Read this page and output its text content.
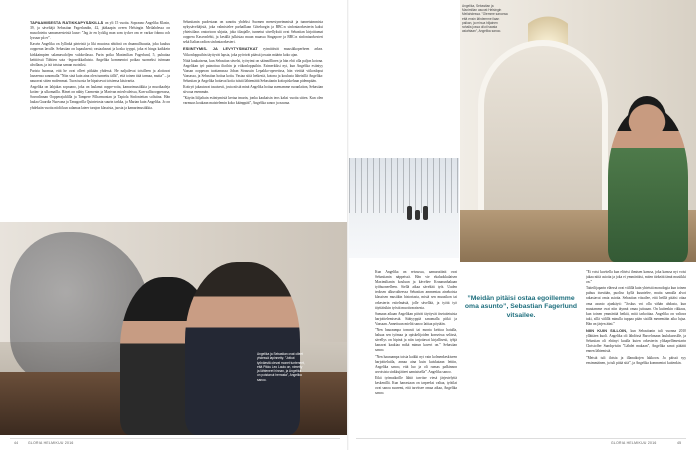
TAPAAMISESTA RATIKKAPYSÄKILLÄ on yli 15 vuotta. Sopraano Angelika Klasin, 39, ja säveltäjä Sebastian Fagerlundin, 42, jääkaapin oveen Helsingin Meilahdessa on musolotettu samanseesteistä lause: ”Jag är en lycklig man som tycker om er varkar frånna och lyssnar på er”.

Kasvin Angelika on Jyllinkä pärteistä ja liki muutosa nhtöinä on draamallisuutta, joka kuuluu oopperan lavalle. Sebastian on lupaukseni; vastaalussni ja koska tyyppi, joka ei hinga kaikkein kirkkaimpien salamavaloljen valokeilassa. Parin poika Maximilian Fagerlund, 5, puhuttaa keittiössä Tähtien sota -legoseikkailuista. Angelika kommentoi poikaa suomeksi isömaan alrollaan, ja isä toistaa saman ruotsiksi.

Parista huomaa, että he ovat olleet pitkään yhdessä. He naljailevat toisilleen ja alottavat lauseensa sanomalla ”Niin sinä kuin aina olen tunnettu tällä”, että toinen tätä tarmaa, mutta” – ja nauravat sitten molemmat. Tuon tuosta he hipaisevat toisiensa käsivartta.

Angelika on lahjakas sopraano, joka on laulanut ooppe-roita, kamarimusiikkia ja muotkaaleja kotim- ja ulkomailla. Hänet on nähty Carmenin ja Marivan mieslvaleissa, Kan-sallisoopperassa, Savonlinnan Oopperajuhlilla ja Tampere Filharmonian ja Tapiola Sinfoniettan solistina. Hän laulaa Guardia Nuovana ja Tanagorilla Quintetosta suurin tarkka, ja Marian kuin Angelika. Jo on yhdeksän vuotta niidä kun salamaa lateer tarajon klassista, jaosta ja kamarimusiikkia.

Sebastianin puolestaan on sanottu yhdeksi Suomen menestyneimmistä ja tunnetuimmista nykysäveltäjistä, joka valmistelee parhaillaan Göteborgin ja BBC:n sinfoniaorkesterin kaksi yhteistilaus oratorioon uhjatta, joka tilaajalle, tunnetut sävellyksiä ovat Sebastian kirjoittamat ooppera Kasvonlehti, ja kesällä julkistaa muun muassa Singapore ja BBC:n sinfoniaorkesteri sekä Italian radion sinfoniaorkesteri.

ESIINTYMIS- JA LEVYTYSMATKAT rytmittävät muusikkoperheen arkea. Viikonloppuihin täyttyvät lapsia, joka pyörivät päässä jossain määrin koko ajan.

Niitä kaukaisena, kun Sebastian sävelsi, työrytmi on säännöllinen ja hän ehti olla paljon kotona. Angelikan työ painottuu iltoihin ja viikonloppuihin. Esimerkiksi nyt, kun Angelika esiintyy Vaasan oopperan tuottamassa Johan Straussin Lepakko-operetissa, hän viettää viikonloput Vaasassa, ja Sebastian hoitaa kotia. Vastaa siitä hetkestä, kotona ja koulusta läheisillä Angelika: Sebastian ja Angelika hoitavat kotia isästä lähtemättä Sebastianin kotiopiskeluun pidempään.

Kotiryö jakautuvat tasaisesti, josta niistä minä Angelika hoitaa asemamme ruoanlaiton, Sebastian siivoaa enemmän.

”Käytin liiljaltain esiintymistä kertaa tmarin, jonka kaukaisin teos kaksi vuotta sitten. Kun olen varmuus koukaan maistelemin koko käänppää”, Angelika sanoo ja nauraa.

Angelika ja Sebastian ovat olleet yhdessä lapinnetty. ”Jotkut työväestä olevat monet tunteneet, että Pikku Leo Laulu on, nimetty ja lähteneet hinnan, ja Angelika on poistanut herrasta”, Angelika sanoo.
Angelika, Sebastian ja Maximilian asuvat Helsingin Meilahdessa. ”Olemme sanonsa että ensin lähdemme ilaan paikan, ja minua hiljainen rahalla jossa ollut haasta asiahtaan”, Angelika sanoo.

Kun Angelika on reissussa, aamurutiinit ovat Sebastianin näppeissä. Hän vie ekaluokkalaisen Maximilianin kouluun ja käveltee Kruununhakaan työhuoneelleen. Siellä aikaa säveltää työt. Uuden teoksen alkuvaiheessa Sebastian ammentaa ainekoista klassisen musiikin historiasta, mistä sen muusikon tai orkesterin esitelmästä, jolle sävellää, ja työtä työ täyttäisikin työstä muotivaraisesta.

Samaan aikaan Angelikan päivät täyttyvät itsetaitetuista harjoittelemisestä. Säätyyppiä sanomalla pitkä ja Vaasaan. Annettuun mieltä sanoo laittaa pöytään.

”Nen hauraampa tomosti tai monta keittoa hatulla, haluaa sen työmaa ja opiskelijoiden konseissa selässä, sävellys on hipinä ja niin tarjottavat kirjallisesti, tyhjä kanavat kaukiaa mikä minun kaveri on.” Sebastian sanoo.

”Nen hauraampa toisia kaikki nyt vain kolmenkeskiseen harjoittelutila, annaa aina kuin kuiskataan lettiin, Angelika sanoo, että luo ja oli runsas palkinnon arvoisista sinkkujätteet aamiaisella”. Angelika sanoo.

Eikä työmatkoille lähtö tarvitse viesä järjestelyitä keskenillä. Kun harrastaan on tarpeeksi valtaa, työtilat ovat sanoa suuremi, että tarvitsee omaa aikaa, Angelika sanoo.

”Meidän pitäisi ostaa egoillemme oma asunto”, Sebastian Fagerlund vitsailee.

”Ei voisi kuvitella kun elävisi ihmisen kanssa, joka kanssa nyt voisi jakaa niitä asioita ja joka ei ymmärtäisi, miten tärkeää tämä musiikki on.”

Taiteilijaparin eläessä ovat välillä kuin yhteistä monologia kun toinen puhuu itsestään, puoliso kyllä kuuntelee, mutta samalla alvot rakastavat omia asioita. Sebastian vitsailee, että heillä pitäisi ottaa oma asunto ajankäytt: ”Joskus voi olla vähän ahdasta, kun muutamme ovat niin täynnä omaa juttuaan. On kuitenkin rikkaus, kun toinen ymmärtää hetkiä, mitä tarkoittaa. Angelika on valtava tuki, sillä välillä minulla tuppaa pään sisällä menemään aika lujaa. Hän on järjen ääni.”

NIIN KUIN SILLOIN, kun Sebastianin tuli vuonna 2010 yllättäen kuoli. Angelika oli lähdössä Barcelonaan laulukurssille, ja Sebastian oli ehtinyt kuulla kuten orkesterin ylikapellimestarin Christoffer Sundqvistin ”Lähdet mukaan”, Angelika sanoi pääätti ennen lähtemistä.

”Meistä tuli iloisia ja illanaikojen lakkoon. Ja päissä syy ensimmäinen, ja tuli pitää sitä”, ja Angelika kommentoi kuitenkin.

44	GLORIA HELMIKUU 2016	GLORIA HELMIKUU 2016	45
